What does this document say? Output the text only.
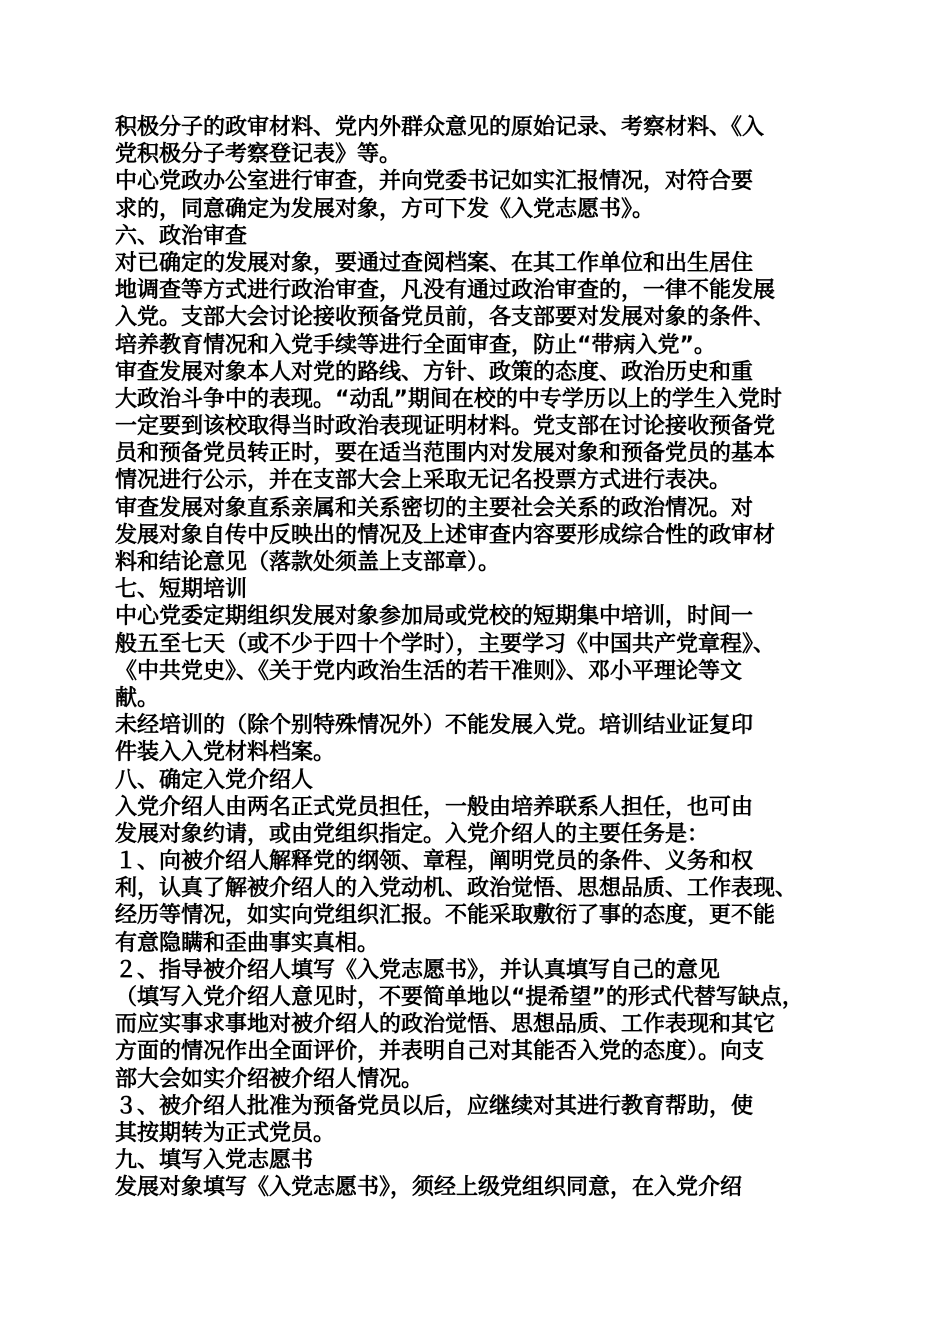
积极分子的政审材料、党内外群众意见的原始记录、考察材料、《入
党积极分子考察登记表》等。
中心党政办公室进行审查，并向党委书记如实汇报情况，对符合要
求的，同意确定为发展对象，方可下发《入党志愿书》。
六、政治审查
对已确定的发展对象，要通过查阅档案、在其工作单位和出生居住
地调查等方式进行政治审查，凡没有通过政治审查的，一律不能发展
入党。支部大会讨论接收预备党员前，各支部要对发展对象的条件、
培养教育情况和入党手续等进行全面审查，防止“带病入党”。
审查发展对象本人对党的路线、方针、政策的态度、政治历史和重
大政治斗争中的表现。“动乱”期间在校的中专学历以上的学生入党时
一定要到该校取得当时政治表现证明材料。党支部在讨论接收预备党
员和预备党员转正时，要在适当范围内对发展对象和预备党员的基本
情况进行公示，并在支部大会上采取无记名投票方式进行表决。
审查发展对象直系亲属和关系密切的主要社会关系的政治情况。对
发展对象自传中反映出的情况及上述审查内容要形成综合性的政审材
料和结论意见（落款处须盖上支部章）。
七、短期培训
中心党委定期组织发展对象参加局或党校的短期集中培训，时间一
般五至七天（或不少于四十个学时），主要学习《中国共产党章程》、
《中共党史》、《关于党内政治生活的若干准则》、邓小平理论等文
献。
未经培训的（除个别特殊情况外）不能发展入党。培训结业证复印
件装入入党材料档案。
八、确定入党介绍人
入党介绍人由两名正式党员担任，一般由培养联系人担任，也可由
发展对象约请，或由党组织指定。入党介绍人的主要任务是：
１、向被介绍人解释党的纲领、章程，阐明党员的条件、义务和权
利，认真了解被介绍人的入党动机、政治觉悟、思想品质、工作表现、
经历等情况，如实向党组织汇报。不能采取敷衍了事的态度，更不能
有意隐瞒和歪曲事实真相。
２、指导被介绍人填写《入党志愿书》，并认真填写自己的意见
（填写入党介绍人意见时，不要简单地以“提希望”的形式代替写缺点，
而应实事求事地对被介绍人的政治觉悟、思想品质、工作表现和其它
方面的情况作出全面评价，并表明自己对其能否入党的态度）。向支
部大会如实介绍被介绍人情况。
３、被介绍人批准为预备党员以后，应继续对其进行教育帮助，使
其按期转为正式党员。
九、填写入党志愿书
发展对象填写《入党志愿书》，须经上级党组织同意，在入党介绍
